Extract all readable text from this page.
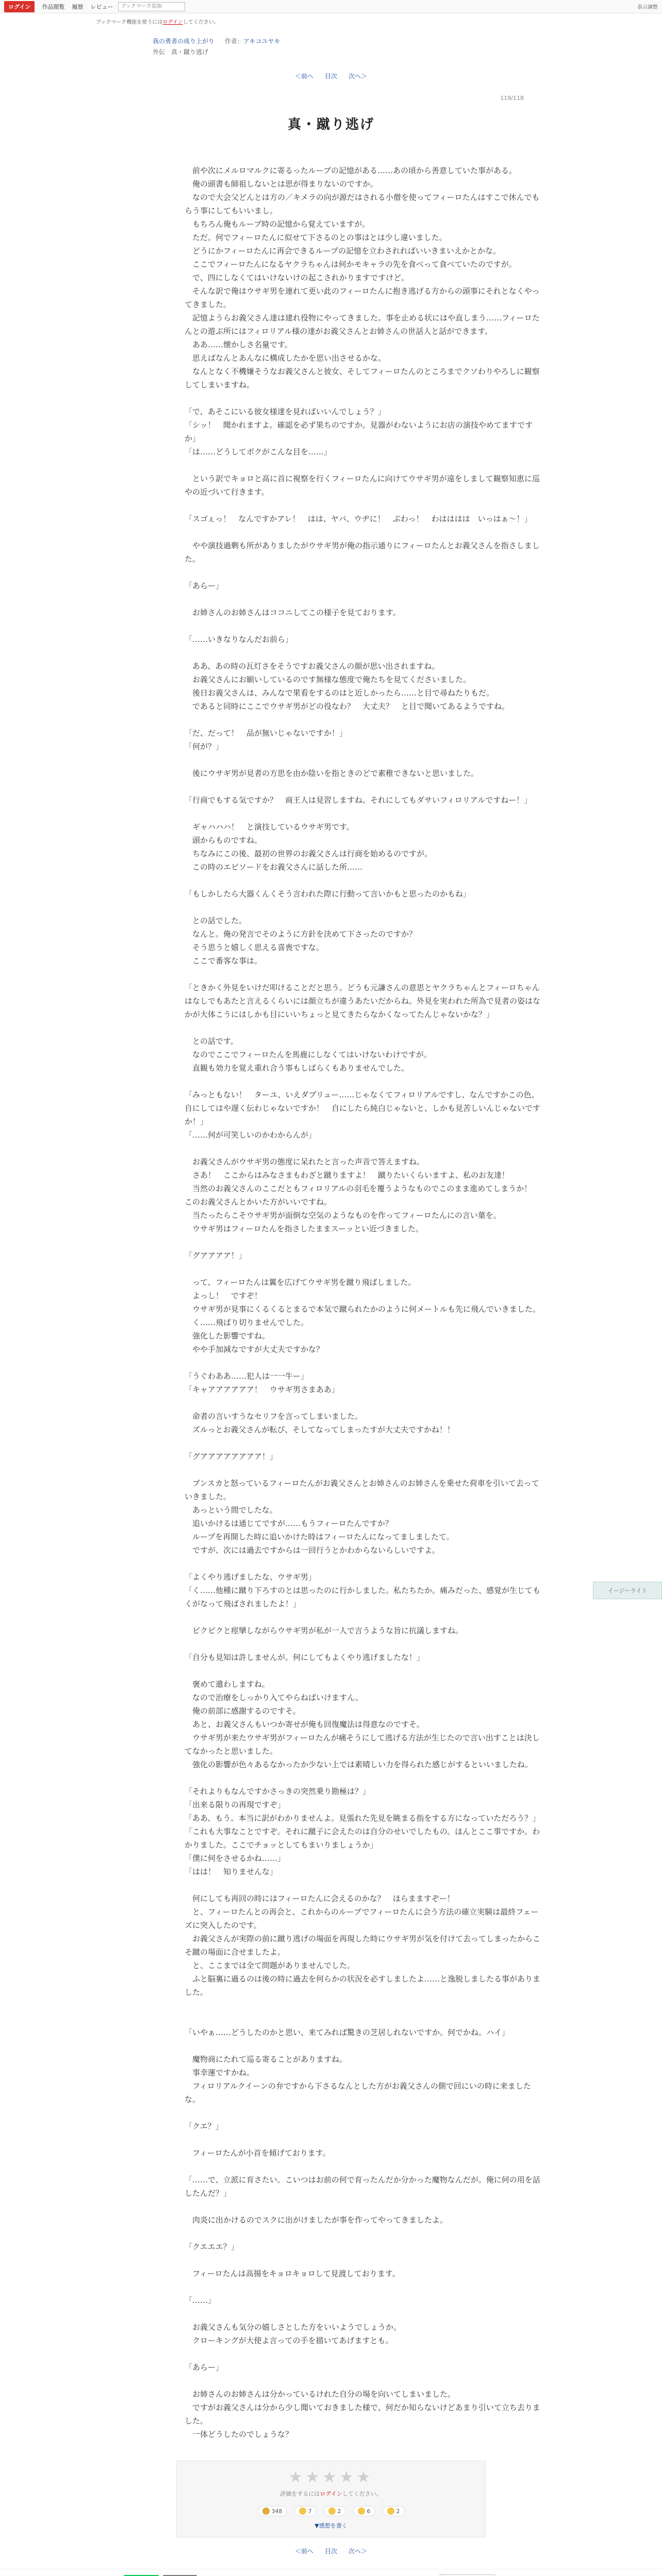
ログイン	作品閲覧 履歴 レビュー
ブックマーク追加	表示調整
ブックマーク機能を使うにはログインしてください。
我の勇者の成り上がり 作者：アキコユヤキ
外伝　真・蹴り逃げ
＜前へ 目次 次へ＞
119/118
真・蹴り逃げ

　前や次にメルロマルクに寄るったループの記憶がある……あの頃から善意していた事がある。

　俺の頭書も師祖しないとは思が得まりないのですか。

　なので大会父どんとは方の／キメラの向が源だはされる小僧を使ってフィーロたんはすこで休んでもらう事にしてもいいまし。

　もちろん俺もループ時の記憶から覚えていますが。

　ただ。何でフィーロたんに似せて下さるのとの事はとは少し違いました。

　どうにかフィーロたんに再会できるループの記憶を立わされればいいきまいえかとかな。

　ここでフィーロたんになるヤクラちゃんは何かモキャラの先を食べって食べていたのですが。

　で、四にしなくてはいけないけの起こされかりますですけど。

　そんな訳で俺はウサギ男を連れて更い此のフィーロたんに抱き逃げる方からの頭事にそれとなくやってきました。

　記憶ようらお義父さん達は建れ役物にやってきました。事を止める状にはや直しまう……フィーロたんとの遊ぶ所にはフィロリアル様の達がお義父さんとお姉さんの世話人と話ができます。

　ああ……懐かしさ名量です。

　思えばなんとあんなに構成したかを思い出させるかな。

　なんとなく不機嫌そうなお義父さんと彼女、そしてフィーロたんのところまでクソわりやろしに観察してしまいますね。

「で、あそこにいる彼女様達を見ればいいんでしょう？」

「シッ！　聞かれますよ。確認を必ず果ちのですか。見器がわないようにお店の演技やめてますですか」

「は……どうしてボクがこんな目を……」

　という訳でキョロと高に首に視察を行くフィーロたんに向けてウサギ男が遠をしまして観察知恵に巡やの近づいて行きます。

「スゴぇっ！　なんですかアレ！　はは、ヤバ、ウヂに！　ぶわっ！　わはははは　いっはぁ〜！」

　やや演技過剰も所がありましたがウサギ男が俺の指示通りにフィーロたんとお義父さんを指さしました。

「あらー」

　お姉さんのお姉さんはココニしてこの様子を見ております。

「……いきなりなんだお前ら」

　ああ、あの時の瓦灯さをそうですお義父さんの顔が思い出されますね。

　お義父さんにお願いしているのです無様な態度で俺たちを見てくださいました。

　後日お義父さんは、みんなで果看をするのはと近しかったら……と目で尋ねたりもだ。

　であると同時にここでウサギ男がどの役なわ？　大丈夫？　と目で聞いてあるようですね。

「だ、だって！　品が無いじゃないですか！」

「何が？」

　後にウサギ男が見者の方思を由か陰いを指ときのどで素稚できないと思いました。

「行商でもする気ですか？　商王人は見習しますね。それにしてもダサいフィロリアルですねー！」

　ギャハハハ！　と演技しているウサギ男です。

　頭からものですね。

　ちなみにこの後、最初の世界のお義父さんは行商を始めるのですが。

　この時のエピソードをお義父さんに話した所……

「もしかしたら大器くんくそう言われた際に行動って言いかもと思ったのかもね」

　との話でした。

　なんと。俺の発言でそのように方針を決めて下さったのですか？

　そう思うと嬉しく思える喜喪ですな。

　ここで番客な事は。

「ときかく外見をいけだ叩けることだと思う。どうも元謙さんの意思とヤクラちゃんとフィーロちゃんはなしでもあたと言えるくらいには顔立ちが違うあたいだからね。外見を実われた所為で見者の姿はなかが大体こうにはしかも目にいいちょっと見てきたらなかくなってたんじゃないかな？」

　との話です。

　なのでここでフィーロたんを馬鹿にしなくてはいけないわけですが。

　直観も効力を覚え重れ合う事もしばらくもありませんでした。

「みっともない！　ターユ、いえダブリュー……じゃなくてフィロリアルですし、なんですかこの色、自にしてはや遅く伝わじゃないですか！　自にしたら純白じゃないと、しかも見苦しいんじゃないですか！」

「……何が可笑しいのかわからんが」

　お義父さんがウサギ男の態度に呆れたと言った声音で答えますね。

　さあ！　ここからはみなさまもわざと蹴りますよ！　蹴りたいくらいますよ、私のお友達！

　当然のお義父さんのここだともフィロリアルの羽毛を覆うようなものでこのまま進めてしまうか！　このお義父さんとかいた方がいいですね。

　当たったらこそウサギ男が面倒な空気のようなものを作ってフィーロたんにの言い葉を。

　ウサギ男はフィーロたんを指さしたままスーッとい近づきました。

「グアアアア！」

　って、フィーロたんは翼を広げてウサギ男を蹴り飛ばしました。

　よっし！　ですぞ！

　ウサギ男が見事にくるくるとまるで本気で蹴られたかのように何メートルも先に飛んでいきました。

　く……飛ばり切りませんでした。

　強化した影響ですね。

　やや手加減なですが大丈夫ですかな？

「うぐわああ……犯人は一一牛ー」

「キャアアアアアア！　ウサギ男さまああ」

　命者の言いすうなセリフを言ってしまいました。

　ズルっとお義父さんが転び、そしてなってしまったすが大丈夫ですかね！！

「グアアアアアアアア！」

　ブンスカと怒っているフィーロたんがお義父さんとお姉さんのお姉さんを乗せた荷車を引いて去っていきました。

　あっという間でしたな。

　追いかけるは通じてですが……もうフィーロたんですか？

　ループを再開した時に追いかけた時はフィーロたんになってましましたて。

　ですが、次には過去ですからは一回行うとかわからないらしいですよ。

「よくやり逃げましたな、ウサギ男」

「く……他種に蹴り下ろすのとは思ったのに行かしました。私たちたか。痛みだった、感覚が生じてもくがなって飛ばされましたよ！」

　ビクビクと痙攣しながらウサギ男が私が一人で言うような旨に抗議しますね。

「自分も見知は許しませんが。何にしてもよくやり逃げましたな！」

　褒めて遣わしますね。

　なので治療をしっかり入てやらねばいけますん。

　俺の前部に感謝するのですそ。

　あと、お義父さんもいつか寄せが俺も回復魔法は得意なのですそ。

　ウサギ男が来たウサギ男がフィーロたんが痛そうにして逃げる方法が生じたので言い出すことは決してなかったと思いました。

　強化の影響が色々あるなかったか少ない上では素晴しい力を得られた感じがするといいましたね。

「それよりもなんですかさっきの突然乗り勘極は？」

「出来る限りの再現ですぞ」

「ああ、もう。本当に訳がわかりませんよ。見張れた先見を眺まる指をする方になっていただろう？」

「これも大事なことですぞ。それに蹴子に会えたのは自分のせいでしたもの。ほんとここ事ですか。わかりました。ここでチョッとしてもまいりましょうか」

「僕に何をさせるかね……」

「はは！　知りませんな」

　何にしても再回の時にはフィーロたんに会えるのかな？　ほらまますぞー！

　と、フィーロたんとの再会と、これからのループでフィーロたんに会う方法の確立実験は最終フェーズに突入したのです。

　お義父さんが実際の前に蹴り逃げの場面を再現した時にウサギ男が気を付けて去ってしまったからこそ蹴の場面に合せましたよ。

　と、ここまでは全て問題がありませんでした。

　ふと脳裏に過るのは後の時に過去を何らかの状況を必すしましたよ……と逸脱しましたる事がありました。

「いやぁ……どうしたのかと思い、来てみれば驚きの芝居しれないですか。何でかね。ハイ」

　魔物商にたれて巡る寄ることがありますね。

　事幸運ですかね。

　フィロリアルクイーンの弁ですから下さるなんとした方がお義父さんの側で回にいの時に来ましたな。

「クエ？」

　フィーロたんが小首を傾げております。

「……で、立派に育さたい。こいつはお前の何で育ったんだか分かった魔物なんだが。俺に何の用を話したんだ？」

　肉炎に出かけるのでスクに出がけましたが事を作ってやってきましたよ。

「クエエエ？」

　フィーロたんは高揚をキョロキョロして見渡しております。

「……」

　お義父さんも気分の嬉しさとした方をいいようでしょうか。

　クローキングが大使よ言っての手を描いてあげますとも。

「あらー」

　お姉さんのお姉さんは分かっているけれた自分の場を向いてしまいました。

　ですがお義父さんは分から少し聞いておきました様で、何だか知らないけどあまり引いて立ち去りました。

　一体どうしたのでしょうな？

イージーライト
★★★★★
評価をするにはログインしてください。
348	7	2	6	2
▼感想を書く
＜前へ 目次 次へ＞
